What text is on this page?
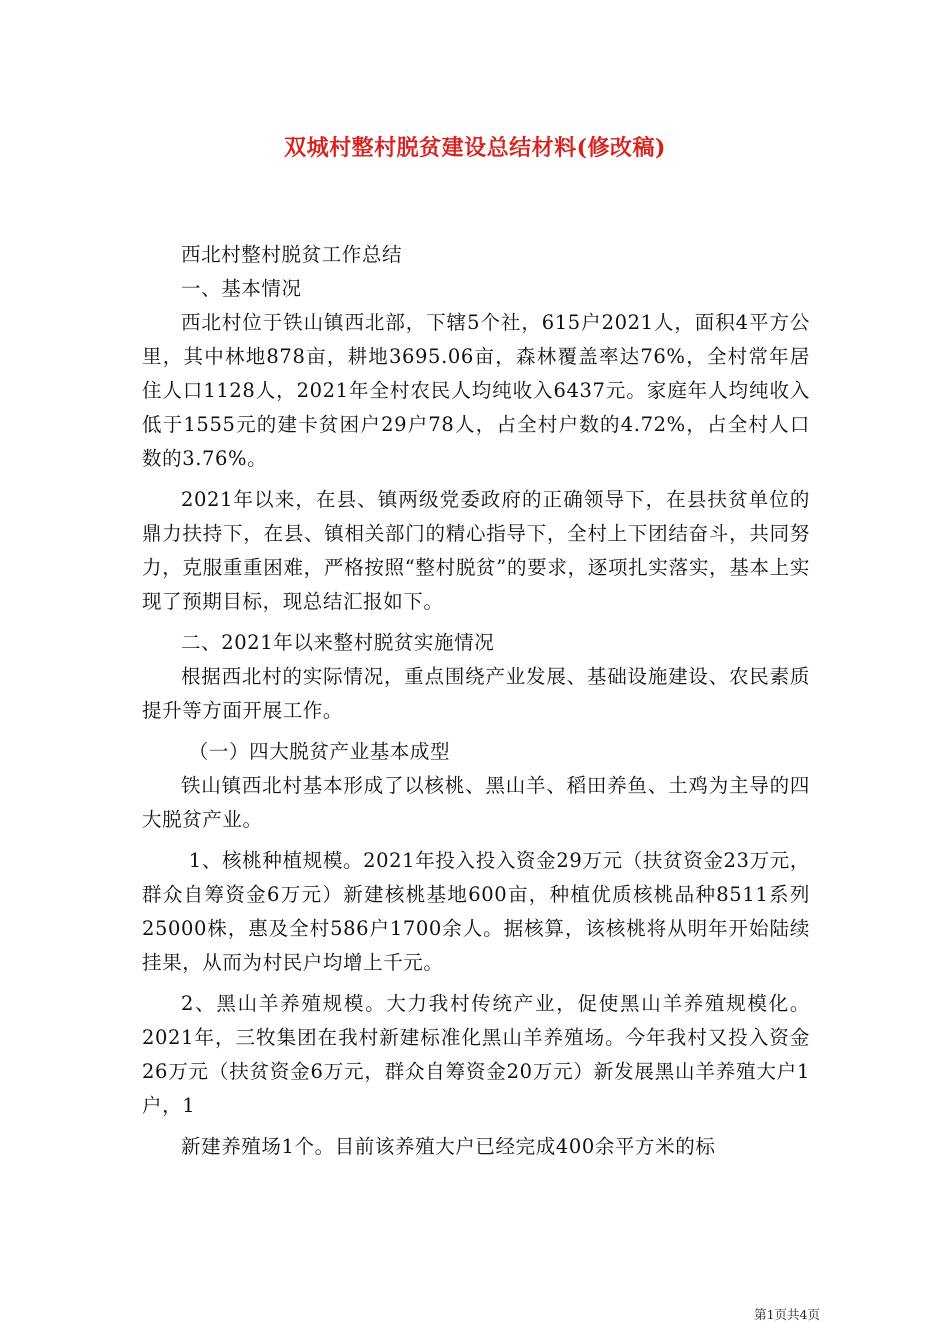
双城村整村脱贫建设总结材料(修改稿)

西北村整村脱贫工作总结

一、基本情况

西北村位于铁山镇西北部，下辖5个社，615户2021人，面积4平方公里，其中林地878亩，耕地3695.06亩，森林覆盖率达76%，全村常年居住人口1128人，2021年全村农民人均纯收入6437元。家庭年人均纯收入低于1555元的建卡贫困户29户78人，占全村户数的4.72%，占全村人口数的3.76%。

2021年以来，在县、镇两级党委政府的正确领导下，在县扶贫单位的鼎力扶持下，在县、镇相关部门的精心指导下，全村上下团结奋斗，共同努力，克服重重困难，严格按照“整村脱贫”的要求，逐项扎实落实，基本上实现了预期目标，现总结汇报如下。

二、2021年以来整村脱贫实施情况

根据西北村的实际情况，重点围绕产业发展、基础设施建设、农民素质提升等方面开展工作。

（一）四大脱贫产业基本成型

铁山镇西北村基本形成了以核桃、黑山羊、稻田养鱼、土鸡为主导的四大脱贫产业。

1、核桃种植规模。2021年投入投入资金29万元（扶贫资金23万元，群众自筹资金6万元）新建核桃基地600亩，种植优质核桃品种8511系列25000株，惠及全村586户1700余人。据核算，该核桃将从明年开始陆续挂果，从而为村民户均增上千元。

2、黑山羊养殖规模。大力我村传统产业，促使黑山羊养殖规模化。2021年，三牧集团在我村新建标准化黑山羊养殖场。今年我村又投入资金26万元（扶贫资金6万元，群众自筹资金20万元）新发展黑山羊养殖大户1户，1

新建养殖场1个。目前该养殖大户已经完成400余平方米的标

第1页共4页
